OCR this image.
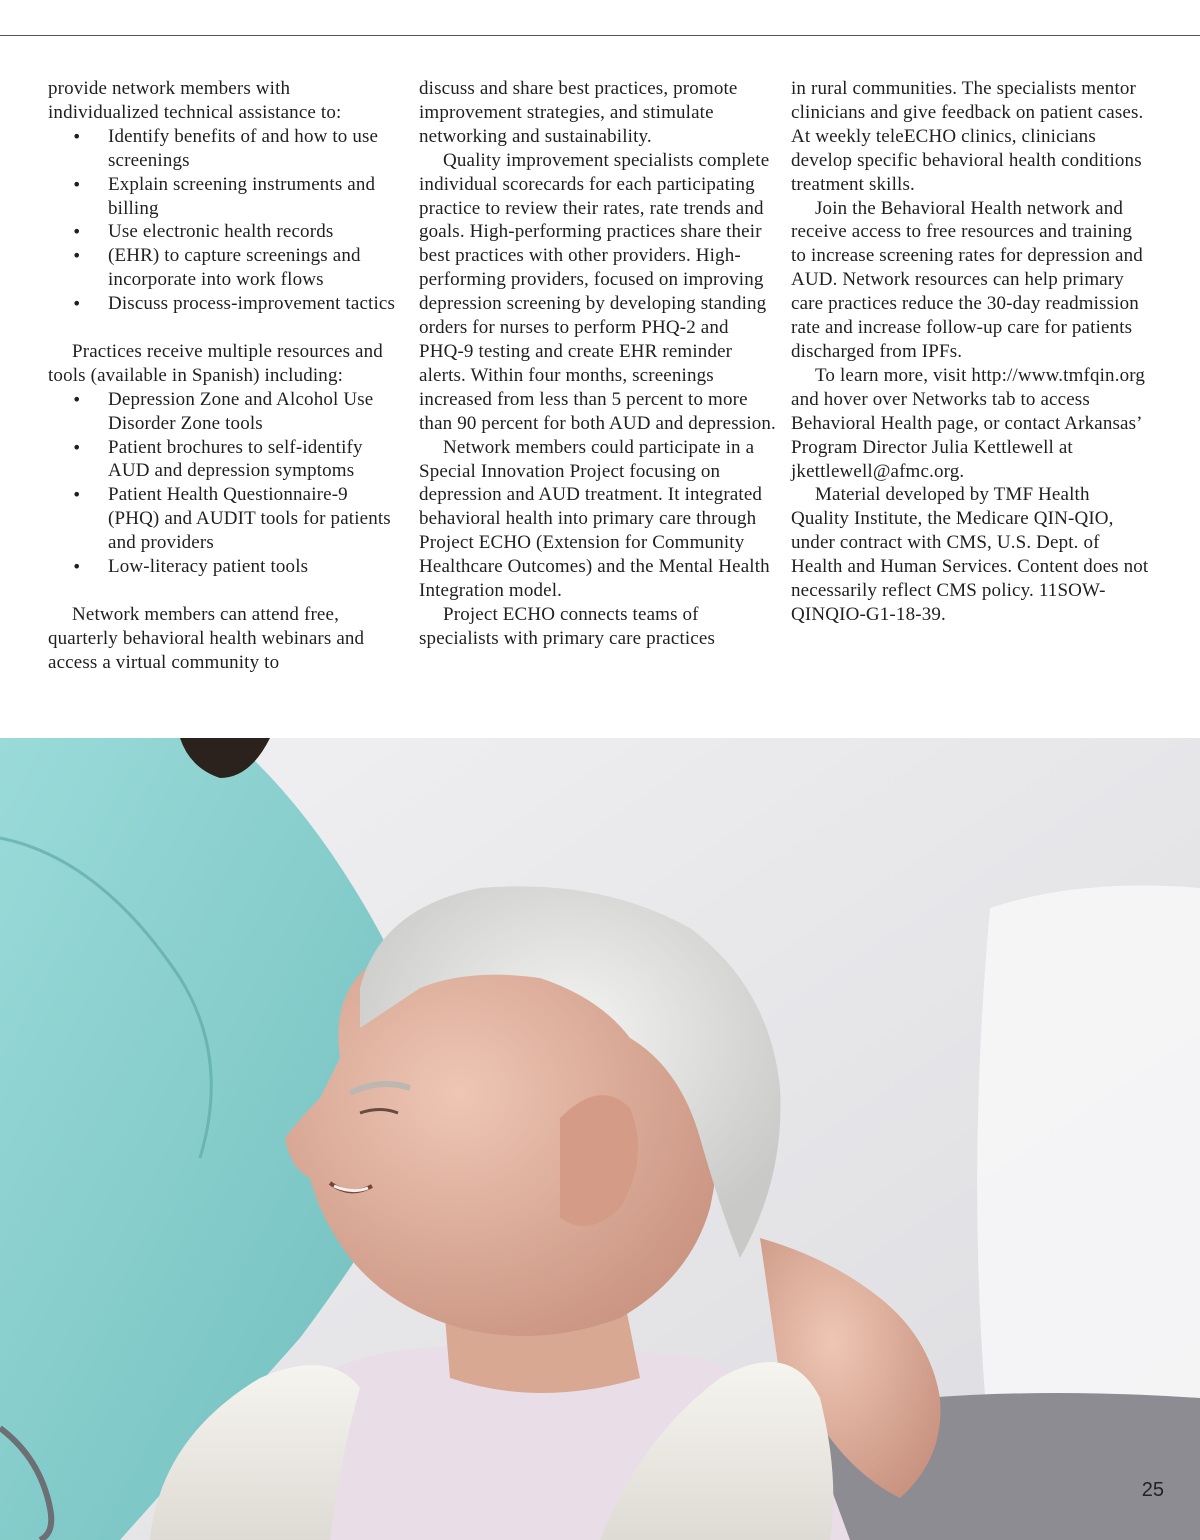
provide network members with individualized technical assistance to:

• Identify benefits of and how to use screenings
• Explain screening instruments and billing
• Use electronic health records
• (EHR) to capture screenings and incorporate into work flows
• Discuss process-improvement tactics

Practices receive multiple resources and tools (available in Spanish) including:

• Depression Zone and Alcohol Use Disorder Zone tools
• Patient brochures to self-identify AUD and depression symptoms
• Patient Health Questionnaire-9 (PHQ) and AUDIT tools for patients and providers
• Low-literacy patient tools

Network members can attend free, quarterly behavioral health webinars and access a virtual community to

discuss and share best practices, promote improvement strategies, and stimulate networking and sustainability.

Quality improvement specialists complete individual scorecards for each participating practice to review their rates, rate trends and goals. High-performing practices share their best practices with other providers. High-performing providers, focused on improving depression screening by developing standing orders for nurses to perform PHQ-2 and PHQ-9 testing and create EHR reminder alerts. Within four months, screenings increased from less than 5 percent to more than 90 percent for both AUD and depression.

Network members could participate in a Special Innovation Project focusing on depression and AUD treatment. It integrated behavioral health into primary care through Project ECHO (Extension for Community Healthcare Outcomes) and the Mental Health Integration model.

Project ECHO connects teams of specialists with primary care practices

in rural communities. The specialists mentor clinicians and give feedback on patient cases. At weekly teleECHO clinics, clinicians develop specific behavioral health conditions treatment skills.

Join the Behavioral Health network and receive access to free resources and training to increase screening rates for depression and AUD. Network resources can help primary care practices reduce the 30-day readmission rate and increase follow-up care for patients discharged from IPFs.

To learn more, visit http://www.tmfqin.org and hover over Networks tab to access Behavioral Health page, or contact Arkansas’ Program Director Julia Kettlewell at jkettlewell@afmc.org.

Material developed by TMF Health Quality Institute, the Medicare QIN-QIO, under contract with CMS, U.S. Dept. of Health and Human Services. Content does not necessarily reflect CMS policy. 11SOW-QINQIO-G1-18-39.

25
